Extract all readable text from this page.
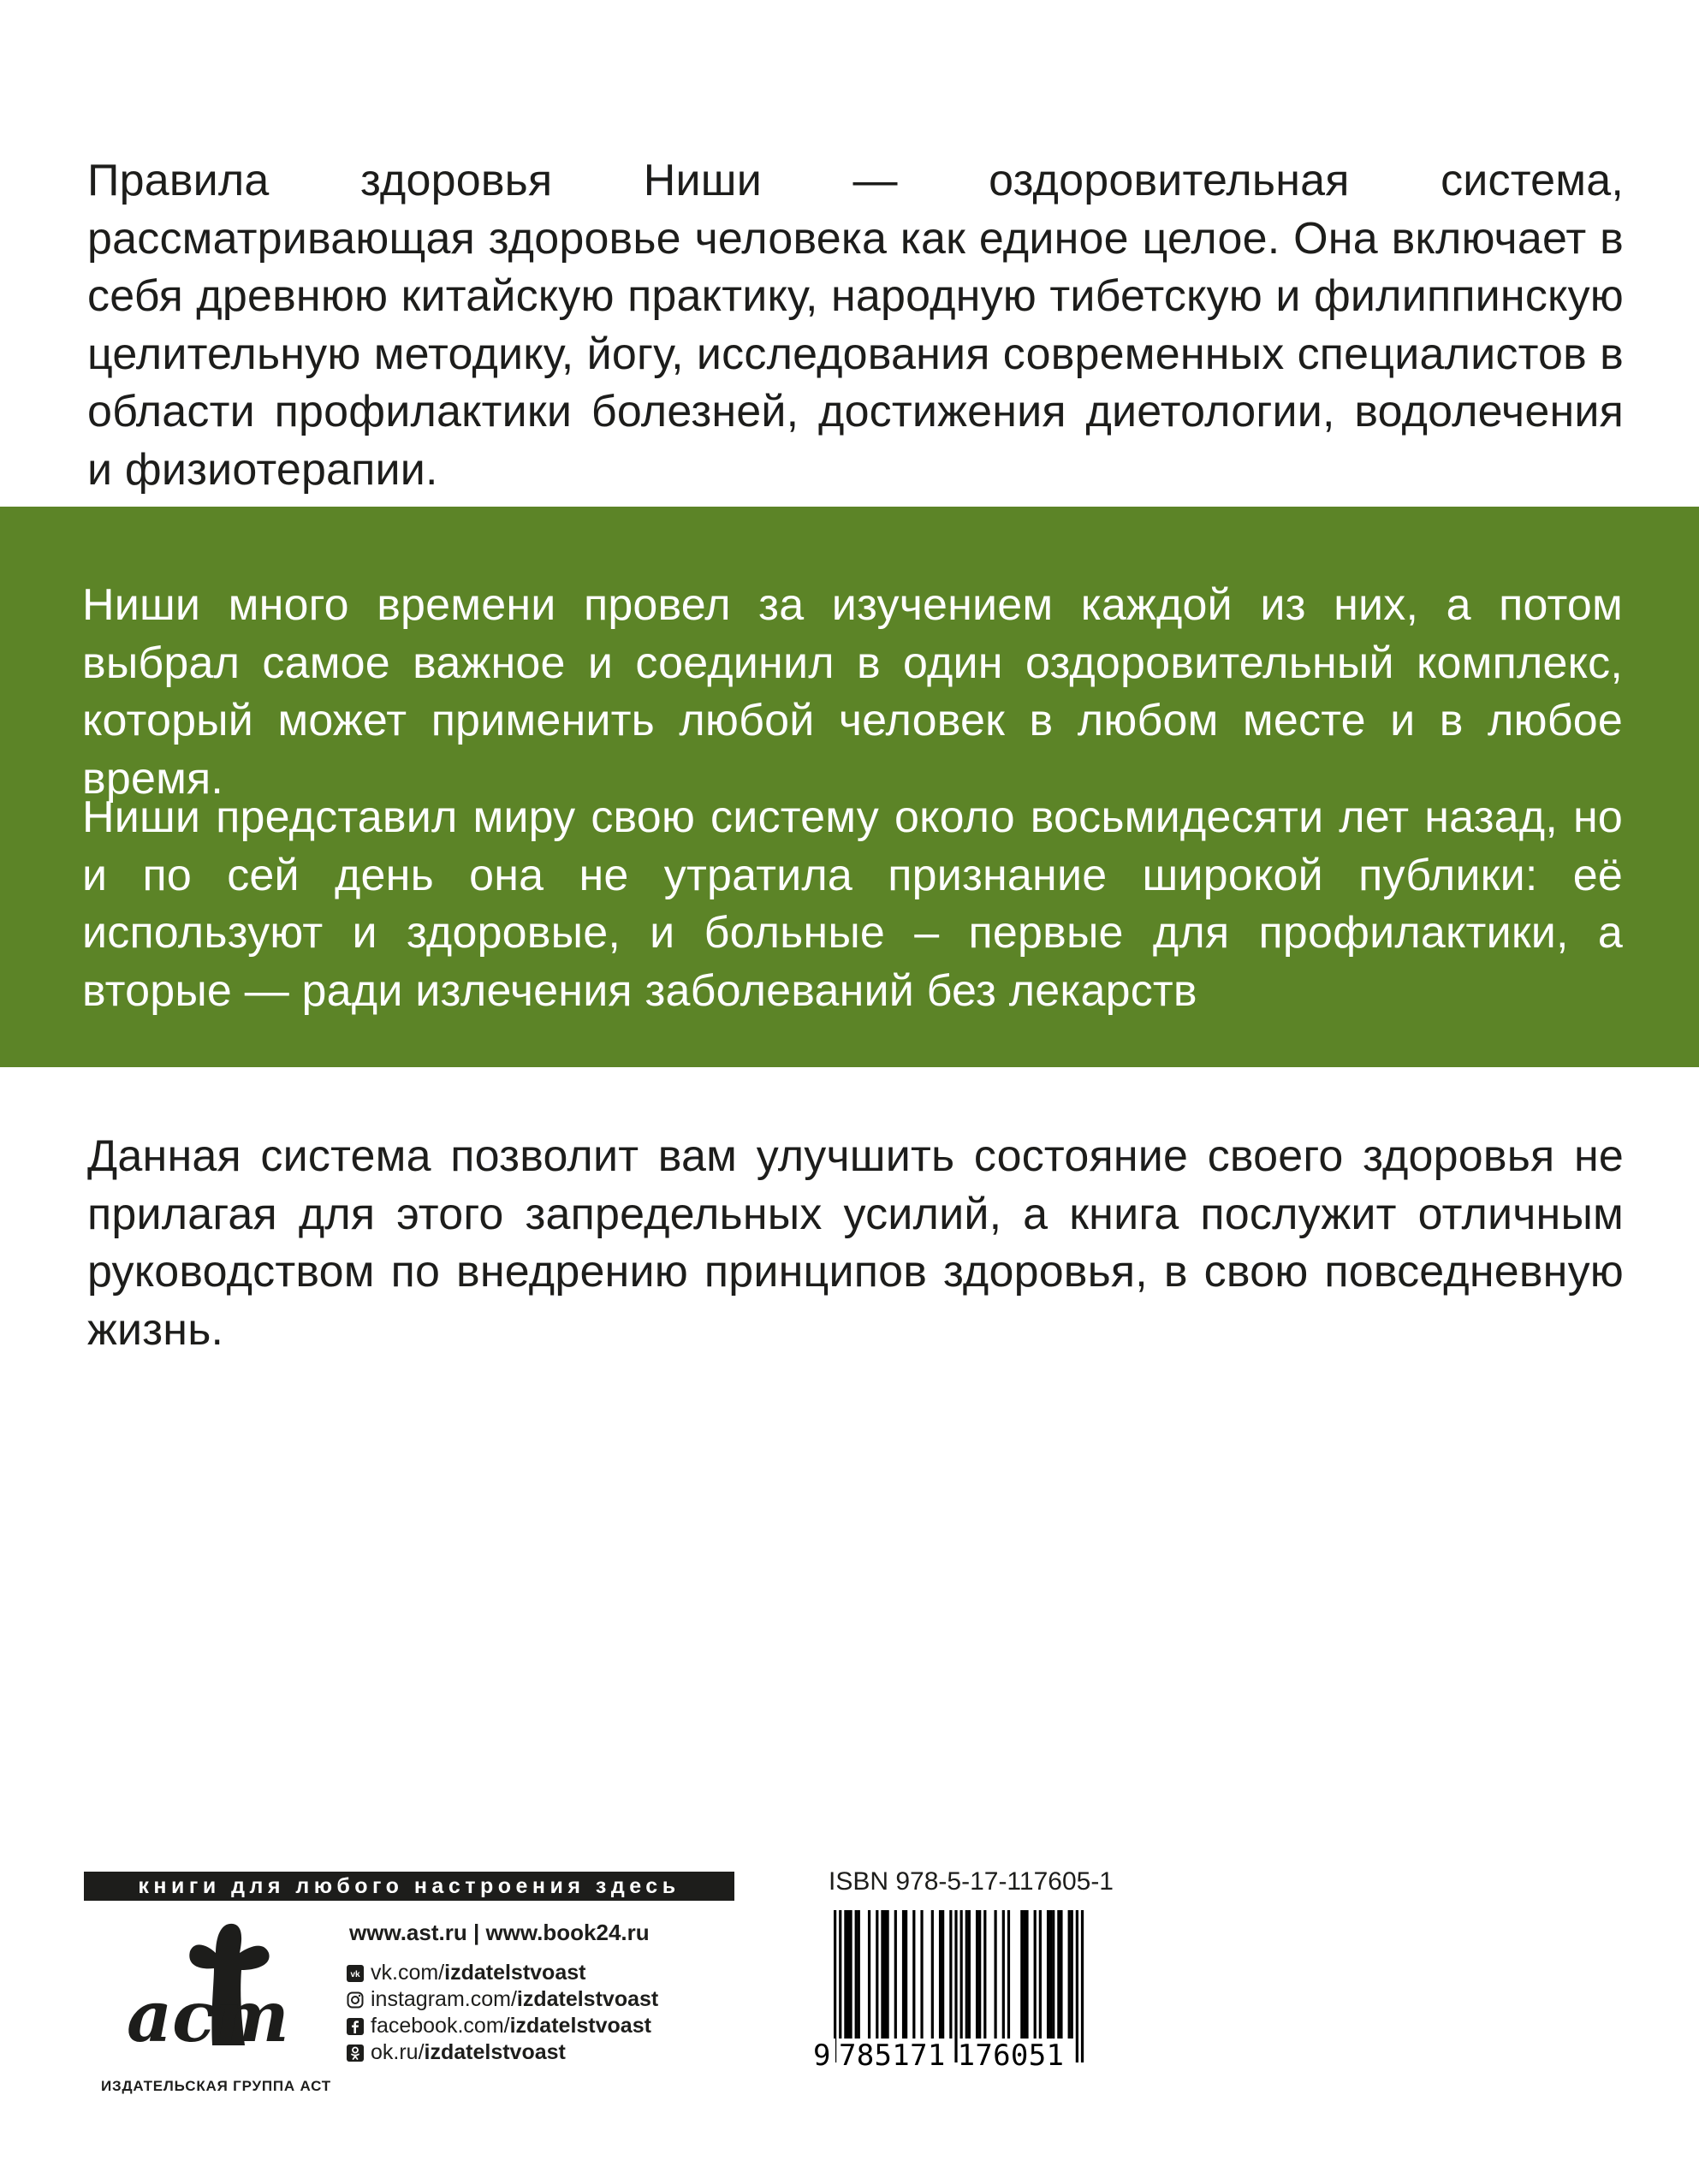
Правила здоровья Ниши — оздоровительная система, рассматривающая здоровье человека как единое целое. Она включает в себя древнюю китайскую практику, народную тибетскую и филиппинскую целительную методику, йогу, исследования современных специалистов в области профилактики болезней, достижения диетологии, водолечения и физиотерапии.

Ниши много времени провел за изучением каждой из них, а потом выбрал самое важное и соединил в один оздоровительный комплекс, который может применить любой человек в любом месте и в любое время.

Ниши представил миру свою систему около восьмидесяти лет назад, но и по сей день она не утратила признание широкой публики: её используют и здоровые, и больные – первые для профилактики, а вторые — ради излечения заболеваний без лекарств

Данная система позволит вам улучшить состояние своего здоровья не прилагая для этого запредельных усилий, а книга послужит отличным руководством по внедрению принципов здоровья, в свою повседневную жизнь.

книги для любого настроения здесь
аст
ИЗДАТЕЛЬСКАЯ ГРУППА АСТ
www.ast.ru | www.book24.ru
vk vk.com/ izdatelstvoast
instagram.com/ izdatelstvoast
facebook.com/ izdatelstvoast
ok.ru/ izdatelstvoast
ISBN 978-5-17-117605-1
9 785171 176051
